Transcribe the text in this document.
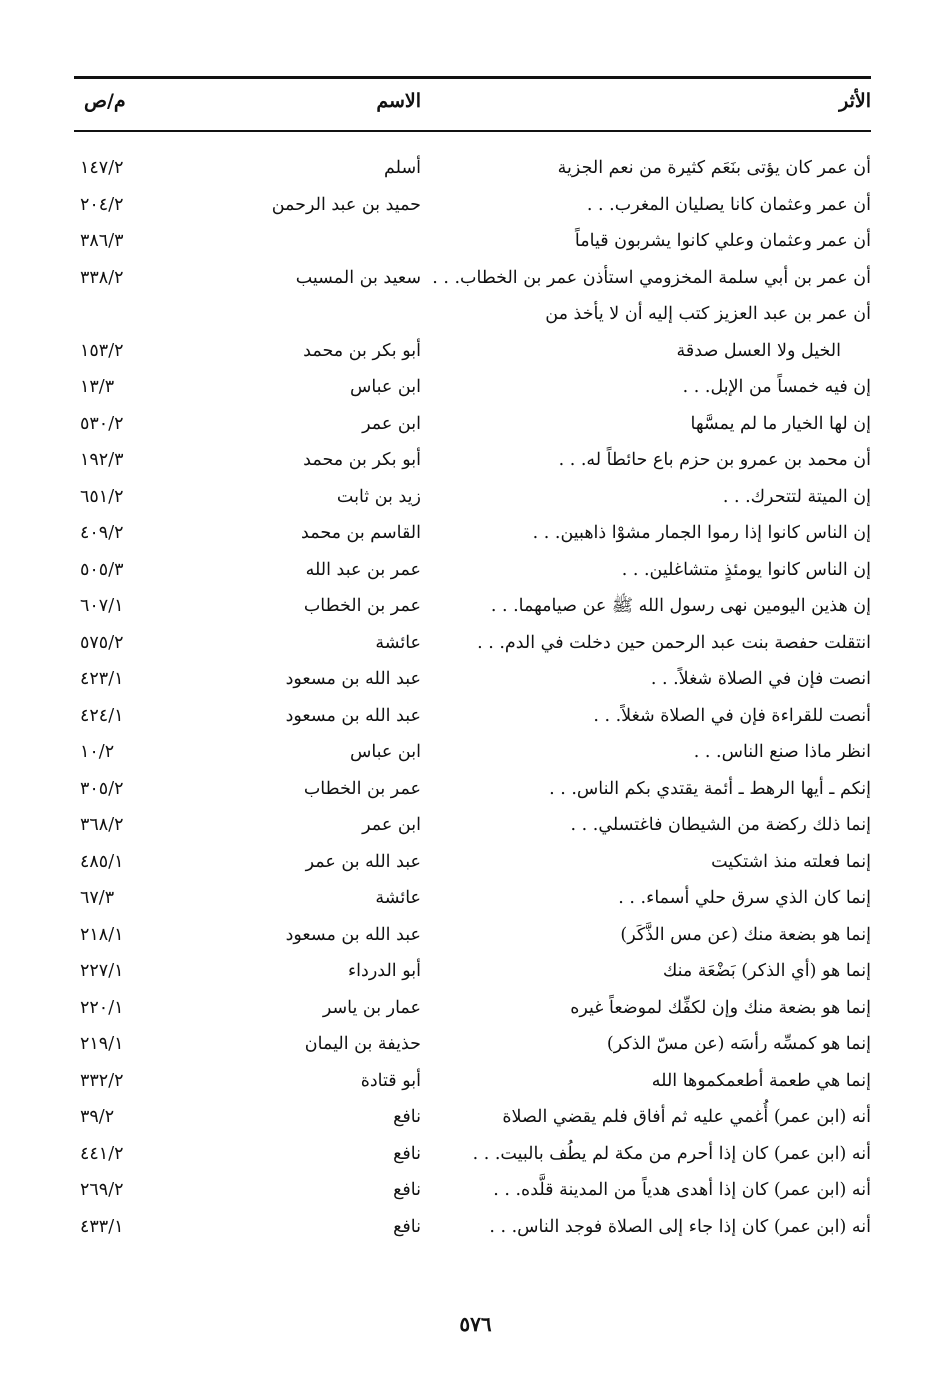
الأثر
الاسم
م/ص
أن عمر كان يؤتى بنَعَم كثيرة من نعم الجزية
أسلم
١٤٧/٢
أن عمر وعثمان كانا يصليان المغرب. . .
حميد بن عبد الرحمن
٢٠٤/٢
أن عمر وعثمان وعلي كانوا يشربون قياماً
٣٨٦/٣
أن عمر بن أبي سلمة المخزومي استأذن عمر بن الخطاب. . .
سعيد بن المسيب
٣٣٨/٢
أن عمر بن عبد العزيز كتب إليه أن لا يأخذ من
الخيل ولا العسل صدقة
أبو بكر بن محمد
١٥٣/٢
إن فيه خمساً من الإبل. . .
ابن عباس
١٣/٣
إن لها الخيار ما لم يمسَّها
ابن عمر
٥٣٠/٢
أن محمد بن عمرو بن حزم باع حائطاً له. . .
أبو بكر بن محمد
١٩٢/٣
إن الميتة لتتحرك. . .
زيد بن ثابت
٦٥١/٢
إن الناس كانوا إذا رموا الجمار مشوْا ذاهبين. . .
القاسم بن محمد
٤٠٩/٢
إن الناس كانوا يومئذٍ متشاغلين. . .
عمر بن عبد الله
٥٠٥/٣
إن هذين اليومين نهى رسول الله ﷺ عن صيامهما. . .
عمر بن الخطاب
٦٠٧/١
انتقلت حفصة بنت عبد الرحمن حين دخلت في الدم. . .
عائشة
٥٧٥/٢
انصت فإن في الصلاة شغلاً. . .
عبد الله بن مسعود
٤٢٣/١
أنصت للقراءة فإن في الصلاة شغلاً. . .
عبد الله بن مسعود
٤٢٤/١
انظر ماذا صنع الناس. . .
ابن عباس
١٠/٢
إنكم ـ أيها الرهط ـ أئمة يقتدي بكم الناس. . .
عمر بن الخطاب
٣٠٥/٢
إنما ذلك ركضة من الشيطان فاغتسلي. . .
ابن عمر
٣٦٨/٢
إنما فعلته منذ اشتكيت
عبد الله بن عمر
٤٨٥/١
إنما كان الذي سرق حلي أسماء. . .
عائشة
٦٧/٣
إنما هو بضعة منك (عن مس الذَّكَر)
عبد الله بن مسعود
٢١٨/١
إنما هو (أي الذكر) بَضْعَة منك
أبو الدرداء
٢٢٧/١
إنما هو بضعة منك وإن لكفِّك لموضعاً غيره
عمار بن ياسر
٢٢٠/١
إنما هو كمسِّه رأسَه (عن مسّ الذكر)
حذيفة بن اليمان
٢١٩/١
إنما هي طعمة أطعمكموها الله
أبو قتادة
٣٣٢/٢
أنه (ابن عمر) أُغمي عليه ثم أفاق فلم يقضي الصلاة
نافع
٣٩/٢
أنه (ابن عمر) كان إذا أحرم من مكة لم يطُف بالبيت. . .
نافع
٤٤١/٢
أنه (ابن عمر) كان إذا أهدى هدياً من المدينة قلَّده. . .
نافع
٢٦٩/٢
أنه (ابن عمر) كان إذا جاء إلى الصلاة فوجد الناس. . .
نافع
٤٣٣/١
٥٧٦
